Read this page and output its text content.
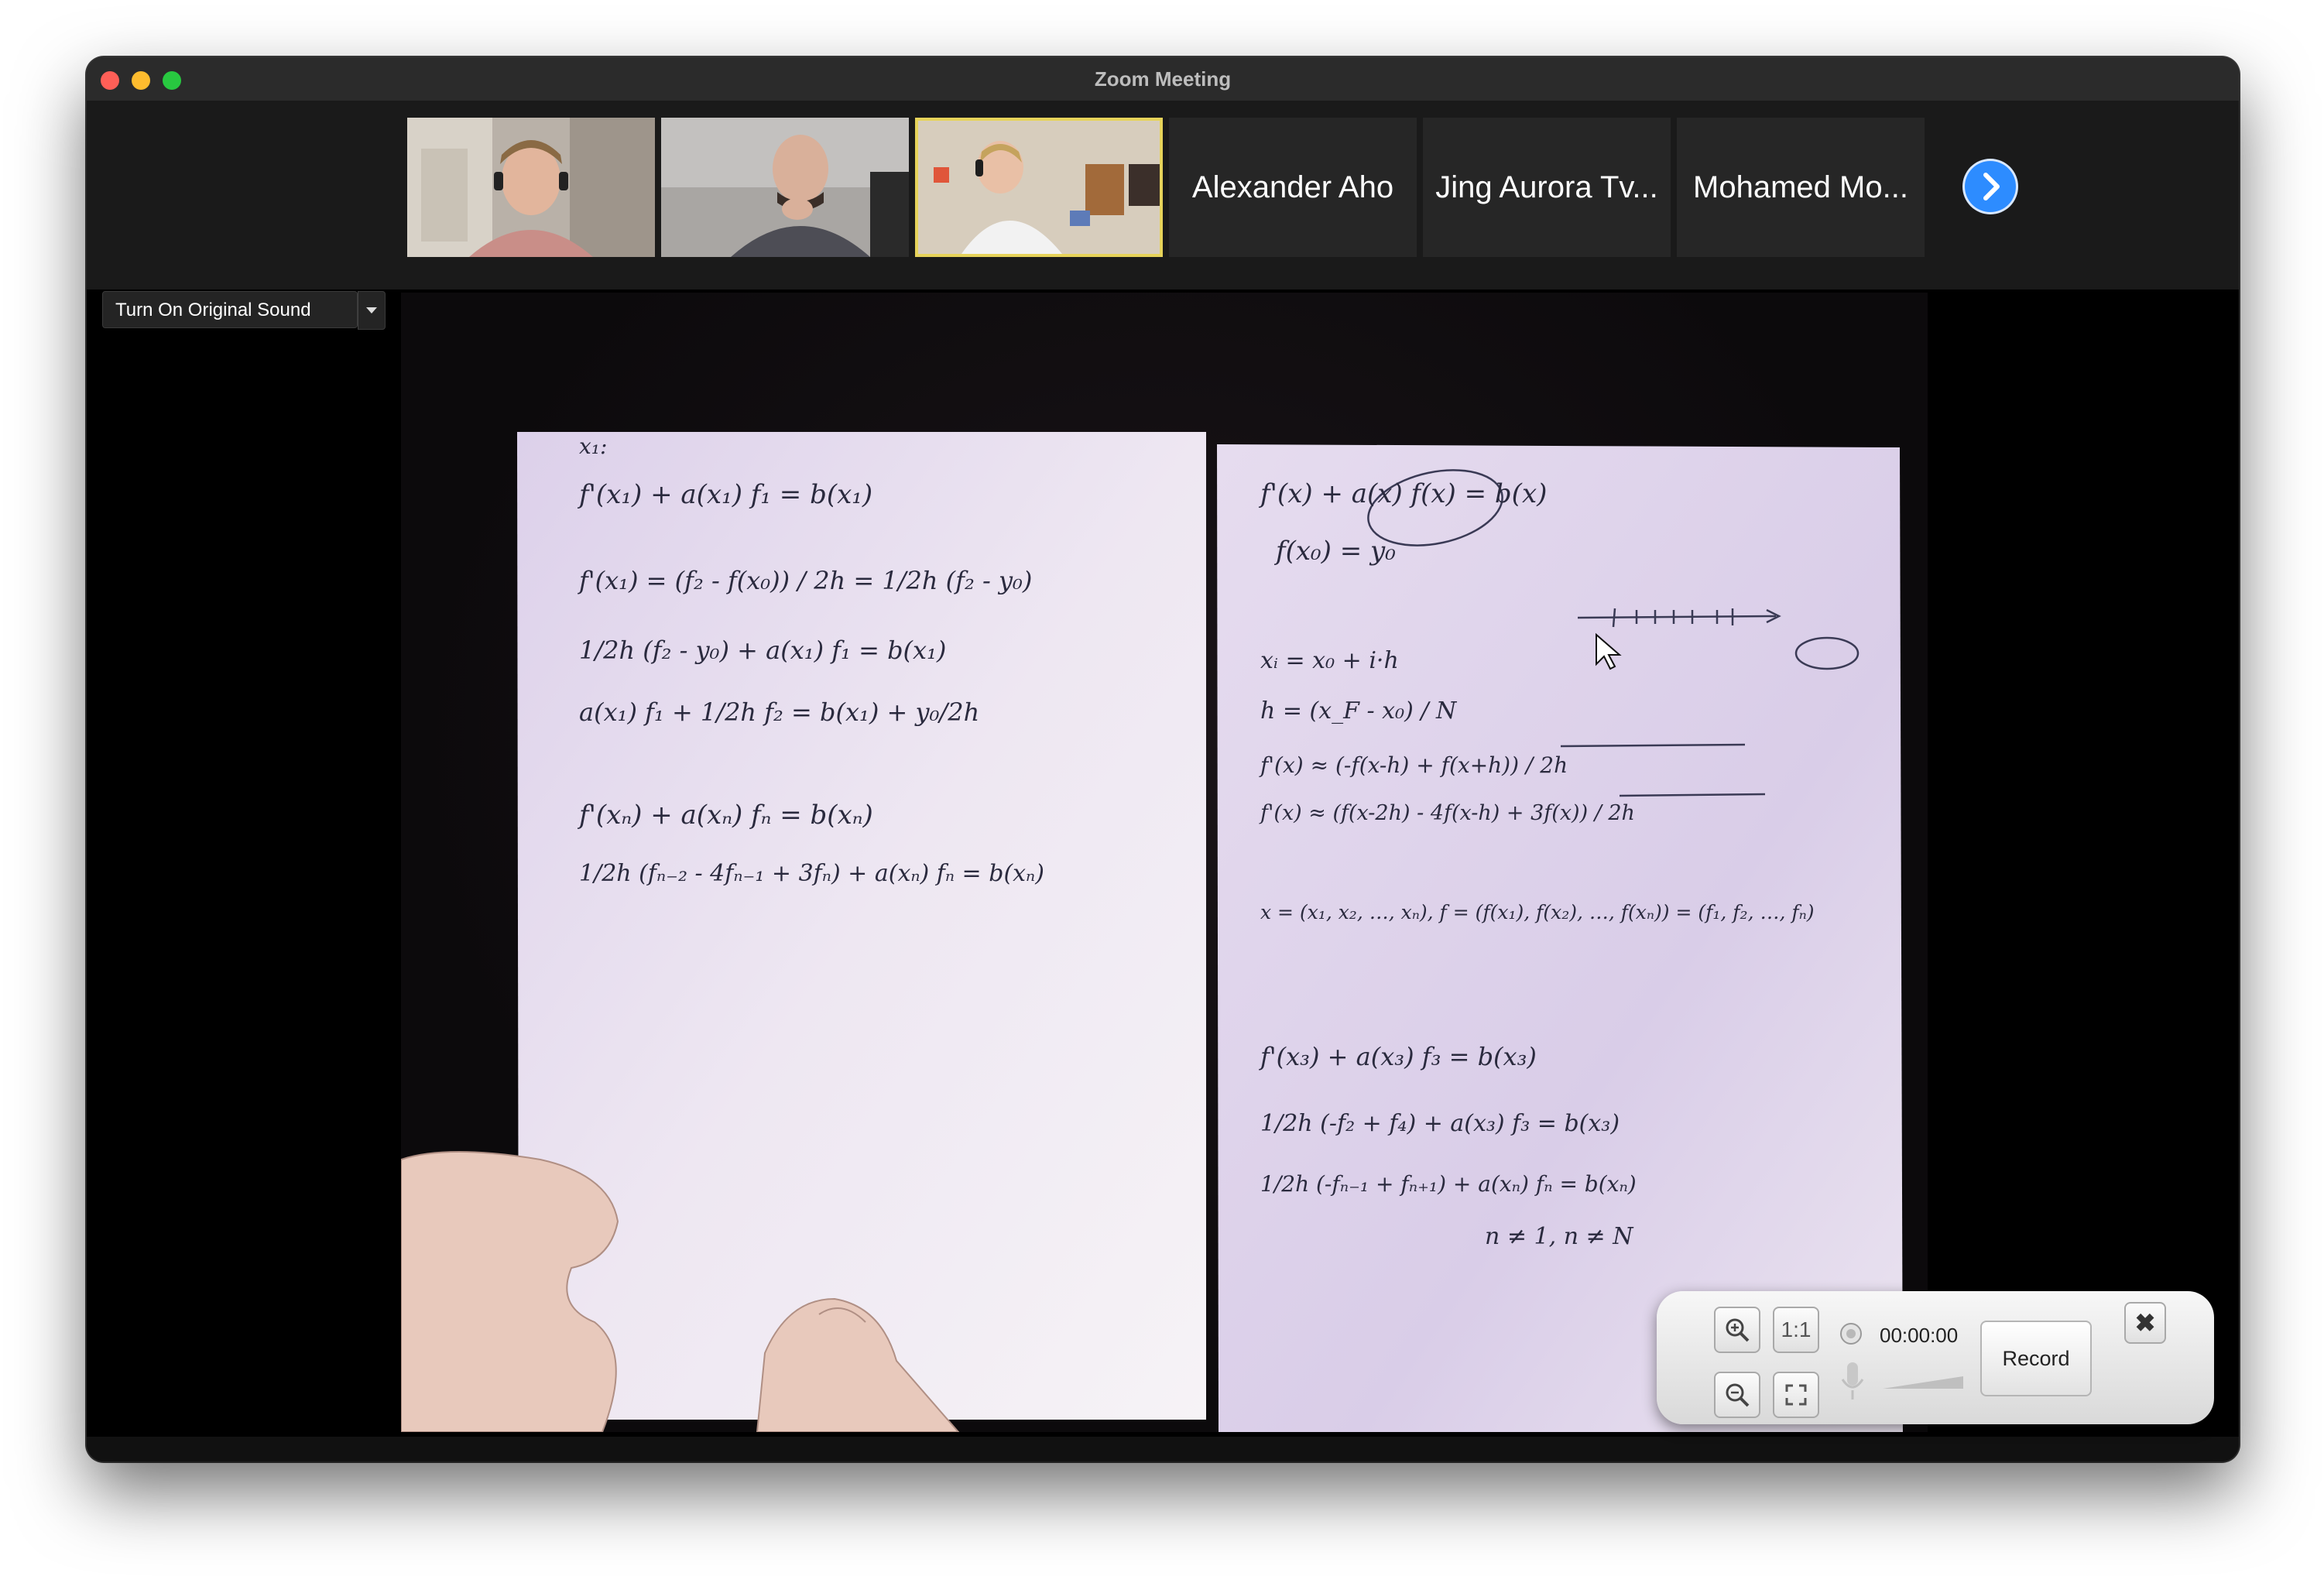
Zoom Meeting
Alexander Aho	Jing Aurora Tv...	Mohamed Mo...
Turn On Original Sound
x₁:
f'(x₁) + a(x₁) f₁ = b(x₁)
f'(x₁) = (f₂ - f(x₀)) / 2h = 1/2h (f₂ - y₀)
1/2h (f₂ - y₀) + a(x₁) f₁ = b(x₁)
a(x₁) f₁ + 1/2h f₂ = b(x₁) + y₀/2h
f'(xₙ) + a(xₙ) fₙ = b(xₙ)
1/2h (fₙ₋₂ - 4fₙ₋₁ + 3fₙ) + a(xₙ) fₙ = b(xₙ)
f'(x) + a(x) f(x) = b(x)
f(x₀) = y₀
xᵢ = x₀ + i·h
h = (x_F - x₀) / N
f'(x) ≈ (-f(x-h) + f(x+h)) / 2h
f'(x) ≈ (f(x-2h) - 4f(x-h) + 3f(x)) / 2h
x = (x₁, x₂, …, xₙ), f = (f(x₁), f(x₂), …, f(xₙ)) = (f₁, f₂, …, fₙ)
f'(x₃) + a(x₃) f₃ = b(x₃)
1/2h (-f₂ + f₄) + a(x₃) f₃ = b(x₃)
1/2h (-fₙ₋₁ + fₙ₊₁) + a(xₙ) fₙ = b(xₙ)
n ≠ 1, n ≠ N
1:1	00:00:00
Record
✖
